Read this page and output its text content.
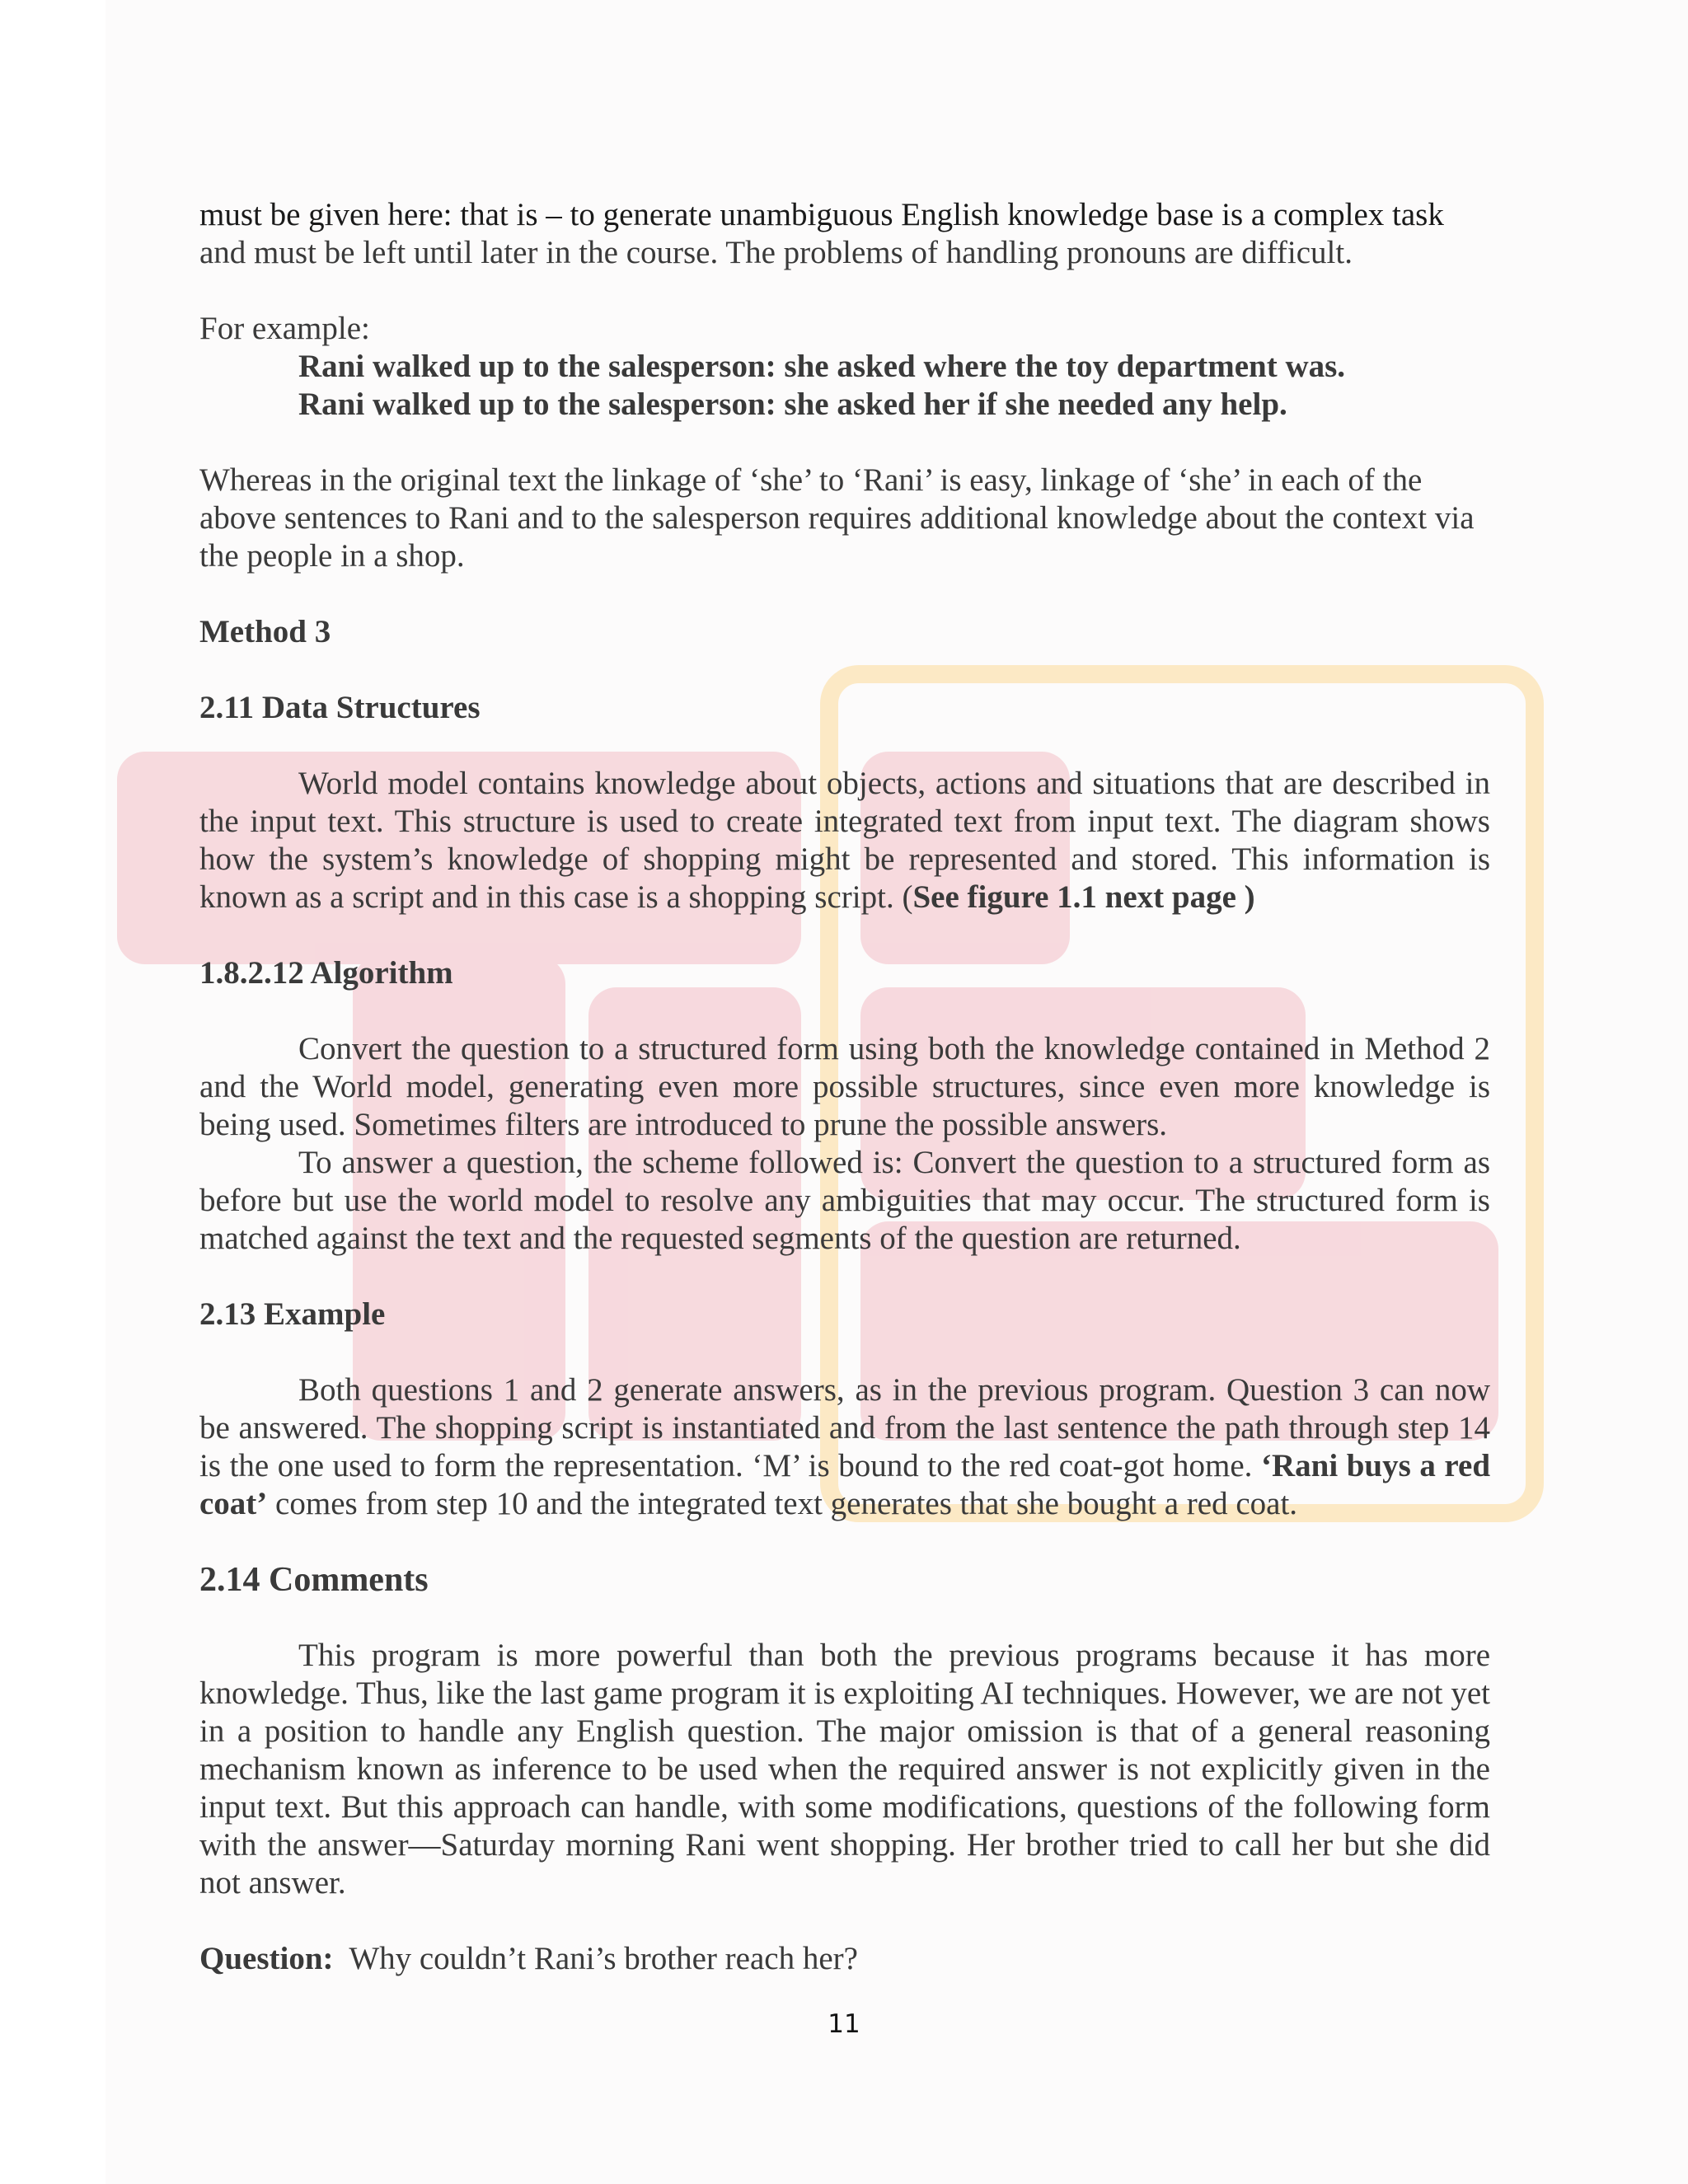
must be given here: that is – to generate unambiguous English knowledge base is a complex task

and must be left until later in the course. The problems of handling pronouns are difficult.

For example:

Rani walked up to the salesperson: she asked where the toy department was.

Rani walked up to the salesperson: she asked her if she needed any help.

Whereas in the original text the linkage of ‘she’ to ‘Rani’ is easy, linkage of ‘she’ in each of the above sentences to Rani and to the salesperson requires additional knowledge about the context via the people in a shop.

Method 3

2.11 Data Structures

World model contains knowledge about objects, actions and situations that are described in the input text. This structure is used to create integrated text from input text. The diagram shows how the system’s knowledge of shopping might be represented and stored. This information is known as a script and in this case is a shopping script. (See figure 1.1 next page )

1.8.2.12 Algorithm

Convert the question to a structured form using both the knowledge contained in Method 2 and the World model, generating even more possible structures, since even more knowledge is being used. Sometimes filters are introduced to prune the possible answers.

To answer a question, the scheme followed is: Convert the question to a structured form as before but use the world model to resolve any ambiguities that may occur. The structured form is matched against the text and the requested segments of the question are returned.

2.13 Example

Both questions 1 and 2 generate answers, as in the previous program. Question 3 can now be answered. The shopping script is instantiated and from the last sentence the path through step 14 is the one used to form the representation. ‘M’ is bound to the red coat-got home. ‘Rani buys a red coat’ comes from step 10 and the integrated text generates that she bought a red coat.

2.14 Comments

This program is more powerful than both the previous programs because it has more knowledge. Thus, like the last game program it is exploiting AI techniques. However, we are not yet in a position to handle any English question. The major omission is that of a general reasoning mechanism known as inference to be used when the required answer is not explicitly given in the input text. But this approach can handle, with some modifications, questions of the following form with the answer—Saturday morning Rani went shopping. Her brother tried to call her but she did not answer.

Question: Why couldn’t Rani’s brother reach her?

11
